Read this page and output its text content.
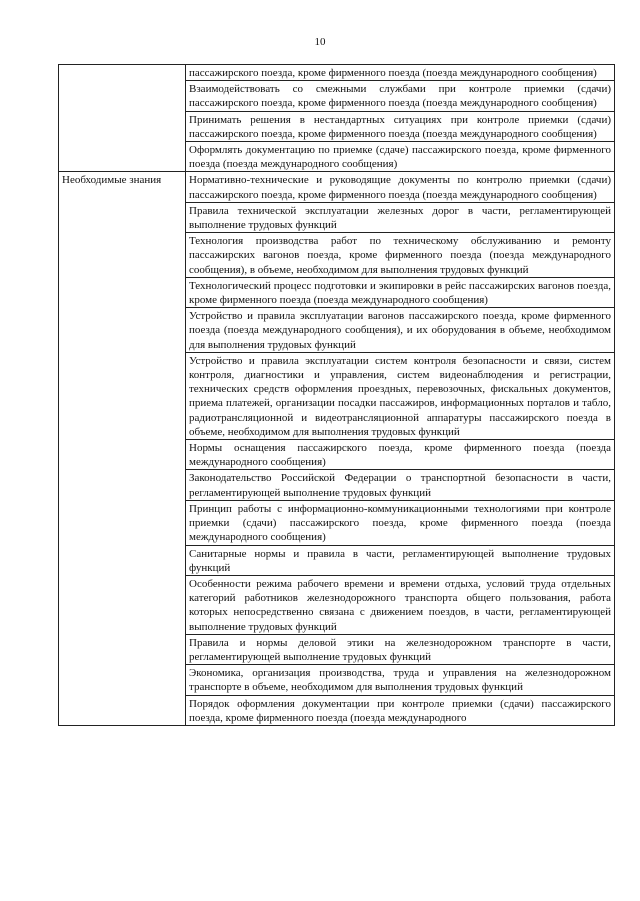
10
	пассажирского поезда, кроме фирменного поезда (поезда международного сообщения)
	Взаимодействовать со смежными службами при контроле приемки (сдачи) пассажирского поезда, кроме фирменного поезда (поезда международного сообщения)
	Принимать решения в нестандартных ситуациях при контроле приемки (сдачи) пассажирского поезда, кроме фирменного поезда (поезда международного сообщения)
	Оформлять документацию по приемке (сдаче) пассажирского поезда, кроме фирменного поезда (поезда международного сообщения)
Необходимые знания	Нормативно-технические и руководящие документы по контролю приемки (сдачи) пассажирского поезда, кроме фирменного поезда (поезда международного сообщения)
	Правила технической эксплуатации железных дорог в части, регламентирующей выполнение трудовых функций
	Технология производства работ по техническому обслуживанию и ремонту пассажирских вагонов поезда, кроме фирменного поезда (поезда международного сообщения), в объеме, необходимом для выполнения трудовых функций
	Технологический процесс подготовки и экипировки в рейс пассажирских вагонов поезда, кроме фирменного поезда (поезда международного сообщения)
	Устройство и правила эксплуатации вагонов пассажирского поезда, кроме фирменного поезда (поезда международного сообщения), и их оборудования в объеме, необходимом для выполнения трудовых функций
	Устройство и правила эксплуатации систем контроля безопасности и связи, систем контроля, диагностики и управления, систем видеонаблюдения и регистрации, технических средств оформления проездных, перевозочных, фискальных документов, приема платежей, организации посадки пассажиров, информационных порталов и табло, радиотрансляционной и видеотрансляционной аппаратуры пассажирского поезда в объеме, необходимом для выполнения трудовых функций
	Нормы оснащения пассажирского поезда, кроме фирменного поезда (поезда международного сообщения)
	Законодательство Российской Федерации о транспортной безопасности в части, регламентирующей выполнение трудовых функций
	Принцип работы с информационно-коммуникационными технологиями при контроле приемки (сдачи) пассажирского поезда, кроме фирменного поезда (поезда международного сообщения)
	Санитарные нормы и правила в части, регламентирующей выполнение трудовых функций
	Особенности режима рабочего времени и времени отдыха, условий труда отдельных категорий работников железнодорожного транспорта общего пользования, работа которых непосредственно связана с движением поездов, в части, регламентирующей выполнение трудовых функций
	Правила и нормы деловой этики на железнодорожном транспорте в части, регламентирующей выполнение трудовых функций
	Экономика, организация производства, труда и управления на железнодорожном транспорте в объеме, необходимом для выполнения трудовых функций

	Порядок оформления документации при контроле приемки (сдачи) пассажирского поезда, кроме фирменного поезда (поезда международного
